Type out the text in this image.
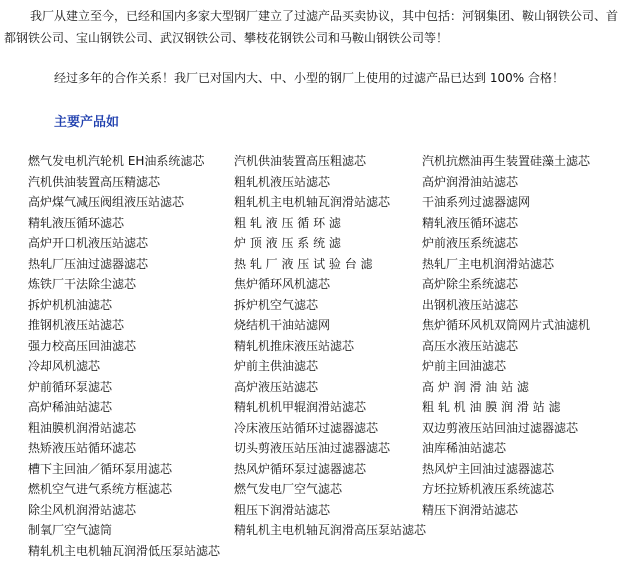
我厂从建立至今，已经和国内多家大型钢厂建立了过滤产品买卖协议，其中包括：河钢集团、鞍山钢铁公司、首都钢铁公司、宝山钢铁公司、武汉钢铁公司、攀枝花钢铁公司和马鞍山钢铁公司等！
经过多年的合作关系！我厂已对国内大、中、小型的钢厂上使用的过滤产品已达到 100% 合格！
主要产品如
燃气发电机汽轮机 EH油系统滤芯	汽机供油装置高压粗滤芯	汽机抗燃油再生装置硅藻土滤芯
汽机供油装置高压精滤芯	粗轧机液压站滤芯	高炉润滑油站滤芯
高炉煤气减压阀组液压站滤芯	粗轧机主电机轴瓦润滑站滤芯	干油系列过滤器滤网
精轧液压循环滤芯	粗 轧 液 压 循 环 滤	精轧液压循环滤芯
高炉开口机液压站滤芯	炉 顶 液 压 系 统 滤	炉前液压系统滤芯
热轧厂压油过滤器滤芯	热 轧 厂 液 压 试 验 台 滤	热轧厂主电机润滑站滤芯
炼铁厂干法除尘滤芯	焦炉循环风机滤芯	高炉除尘系统滤芯
拆炉机机油滤芯	拆炉机空气滤芯	出钢机液压站滤芯
推钢机液压站滤芯	烧结机干油站滤网	焦炉循环风机双筒网片式油滤机
强力校高压回油滤芯	精轧机推床液压站滤芯	高压水液压站滤芯
冷却风机滤芯	炉前主供油滤芯	炉前主回油滤芯
炉前循环泵滤芯	高炉液压站滤芯	高 炉 润 滑 油 站 滤
高炉稀油站滤芯	精轧机机甲辊润滑站滤芯	粗 轧 机 油 膜 润 滑 站 滤
粗油膜机润滑站滤芯	冷床液压站循环过滤器滤芯	双边剪液压站回油过滤器滤芯
热矫液压站循环滤芯	切头剪液压站压油过滤器滤芯	油库稀油站滤芯
槽下主回油／循环泵用滤芯	热风炉循环泵过滤器滤芯	热风炉主回油过滤器滤芯
燃机空气进气系统方框滤芯	燃气发电厂空气滤芯	方坯拉矫机液压系统滤芯
除尘风机润滑站滤芯	粗压下润滑站滤芯	精压下润滑站滤芯
制氧厂空气滤筒	精轧机主电机轴瓦润滑高压泵站滤芯
精轧机主电机轴瓦润滑低压泵站滤芯
